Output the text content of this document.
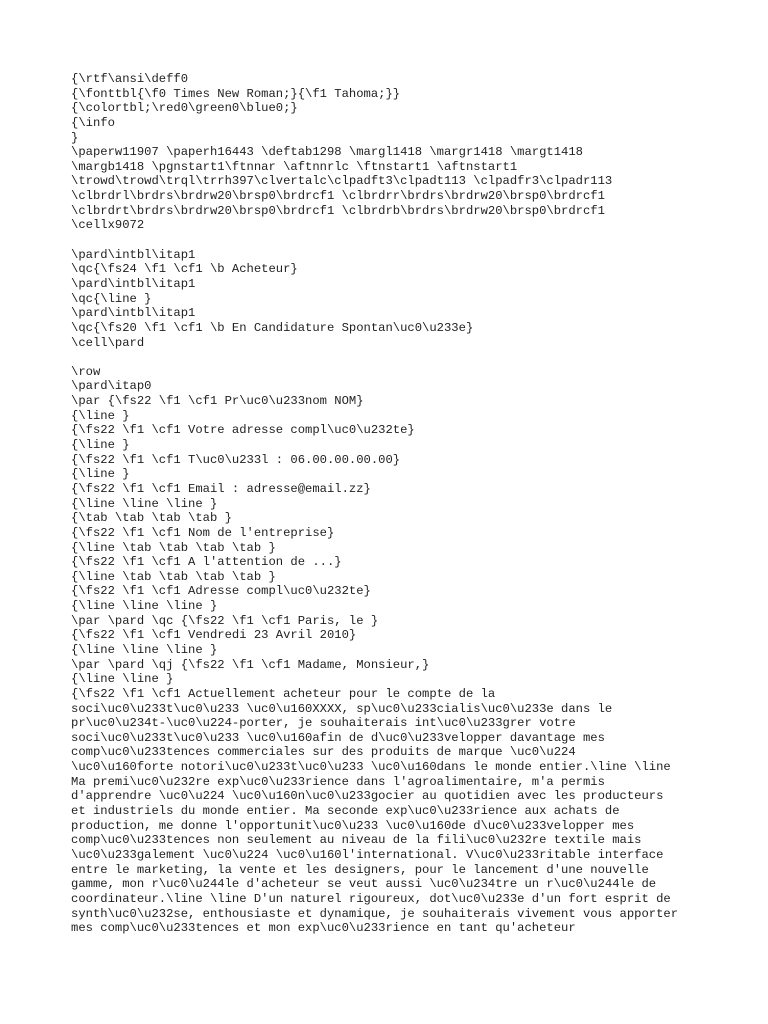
{\rtf\ansi\deff0
{\fonttbl{\f0 Times New Roman;}{\f1 Tahoma;}}
{\colortbl;\red0\green0\blue0;}
{\info
}
\paperw11907 \paperh16443 \deftab1298 \margl1418 \margr1418 \margt1418
\margb1418 \pgnstart1\ftnnar \aftnnrlc \ftnstart1 \aftnstart1
\trowd\trowd\trql\trrh397\clvertalc\clpadft3\clpadt113 \clpadfr3\clpadr113
\clbrdrl\brdrs\brdrw20\brsp0\brdrcf1 \clbrdrr\brdrs\brdrw20\brsp0\brdrcf1
\clbrdrt\brdrs\brdrw20\brsp0\brdrcf1 \clbrdrb\brdrs\brdrw20\brsp0\brdrcf1
\cellx9072
\pard\intbl\itap1
\qc{\fs24 \f1 \cf1 \b Acheteur}
\pard\intbl\itap1
\qc{\line }
\pard\intbl\itap1
\qc{\fs20 \f1 \cf1 \b En Candidature Spontan\uc0\u233e}
\cell\pard
\row
\pard\itap0
\par {\fs22 \f1 \cf1 Pr\uc0\u233nom NOM}
{\line }
{\fs22 \f1 \cf1 Votre adresse compl\uc0\u232te}
{\line }
{\fs22 \f1 \cf1 T\uc0\u233l : 06.00.00.00.00}
{\line }
{\fs22 \f1 \cf1 Email : adresse@email.zz}
{\line \line \line }
{\tab \tab \tab \tab }
{\fs22 \f1 \cf1 Nom de l'entreprise}
{\line \tab \tab \tab \tab }
{\fs22 \f1 \cf1 A l'attention de ...}
{\line \tab \tab \tab \tab }
{\fs22 \f1 \cf1 Adresse compl\uc0\u232te}
{\line \line \line }
\par \pard \qc {\fs22 \f1 \cf1 Paris, le }
{\fs22 \f1 \cf1 Vendredi 23 Avril 2010}
{\line \line \line }
\par \pard \qj {\fs22 \f1 \cf1 Madame, Monsieur,}
{\line \line }
{\fs22 \f1 \cf1 Actuellement acheteur pour le compte de la
soci\uc0\u233t\uc0\u233 \uc0\u160XXXX, sp\uc0\u233cialis\uc0\u233e dans le
pr\uc0\u234t-\uc0\u224-porter, je souhaiterais int\uc0\u233grer votre
soci\uc0\u233t\uc0\u233 \uc0\u160afin de d\uc0\u233velopper davantage mes
comp\uc0\u233tences commerciales sur des produits de marque \uc0\u224
\uc0\u160forte notori\uc0\u233t\uc0\u233 \uc0\u160dans le monde entier.\line \line
Ma premi\uc0\u232re exp\uc0\u233rience dans l'agroalimentaire, m'a permis
d'apprendre \uc0\u224 \uc0\u160n\uc0\u233gocier au quotidien avec les producteurs
et industriels du monde entier. Ma seconde exp\uc0\u233rience aux achats de
production, me donne l'opportunit\uc0\u233 \uc0\u160de d\uc0\u233velopper mes
comp\uc0\u233tences non seulement au niveau de la fili\uc0\u232re textile mais
\uc0\u233galement \uc0\u224 \uc0\u160l'international. V\uc0\u233ritable interface
entre le marketing, la vente et les designers, pour le lancement d'une nouvelle
gamme, mon r\uc0\u244le d'acheteur se veut aussi \uc0\u234tre un r\uc0\u244le de
coordinateur.\line \line D'un naturel rigoureux, dot\uc0\u233e d'un fort esprit de
synth\uc0\u232se, enthousiaste et dynamique, je souhaiterais vivement vous apporter
mes comp\uc0\u233tences et mon exp\uc0\u233rience en tant qu'acheteur
